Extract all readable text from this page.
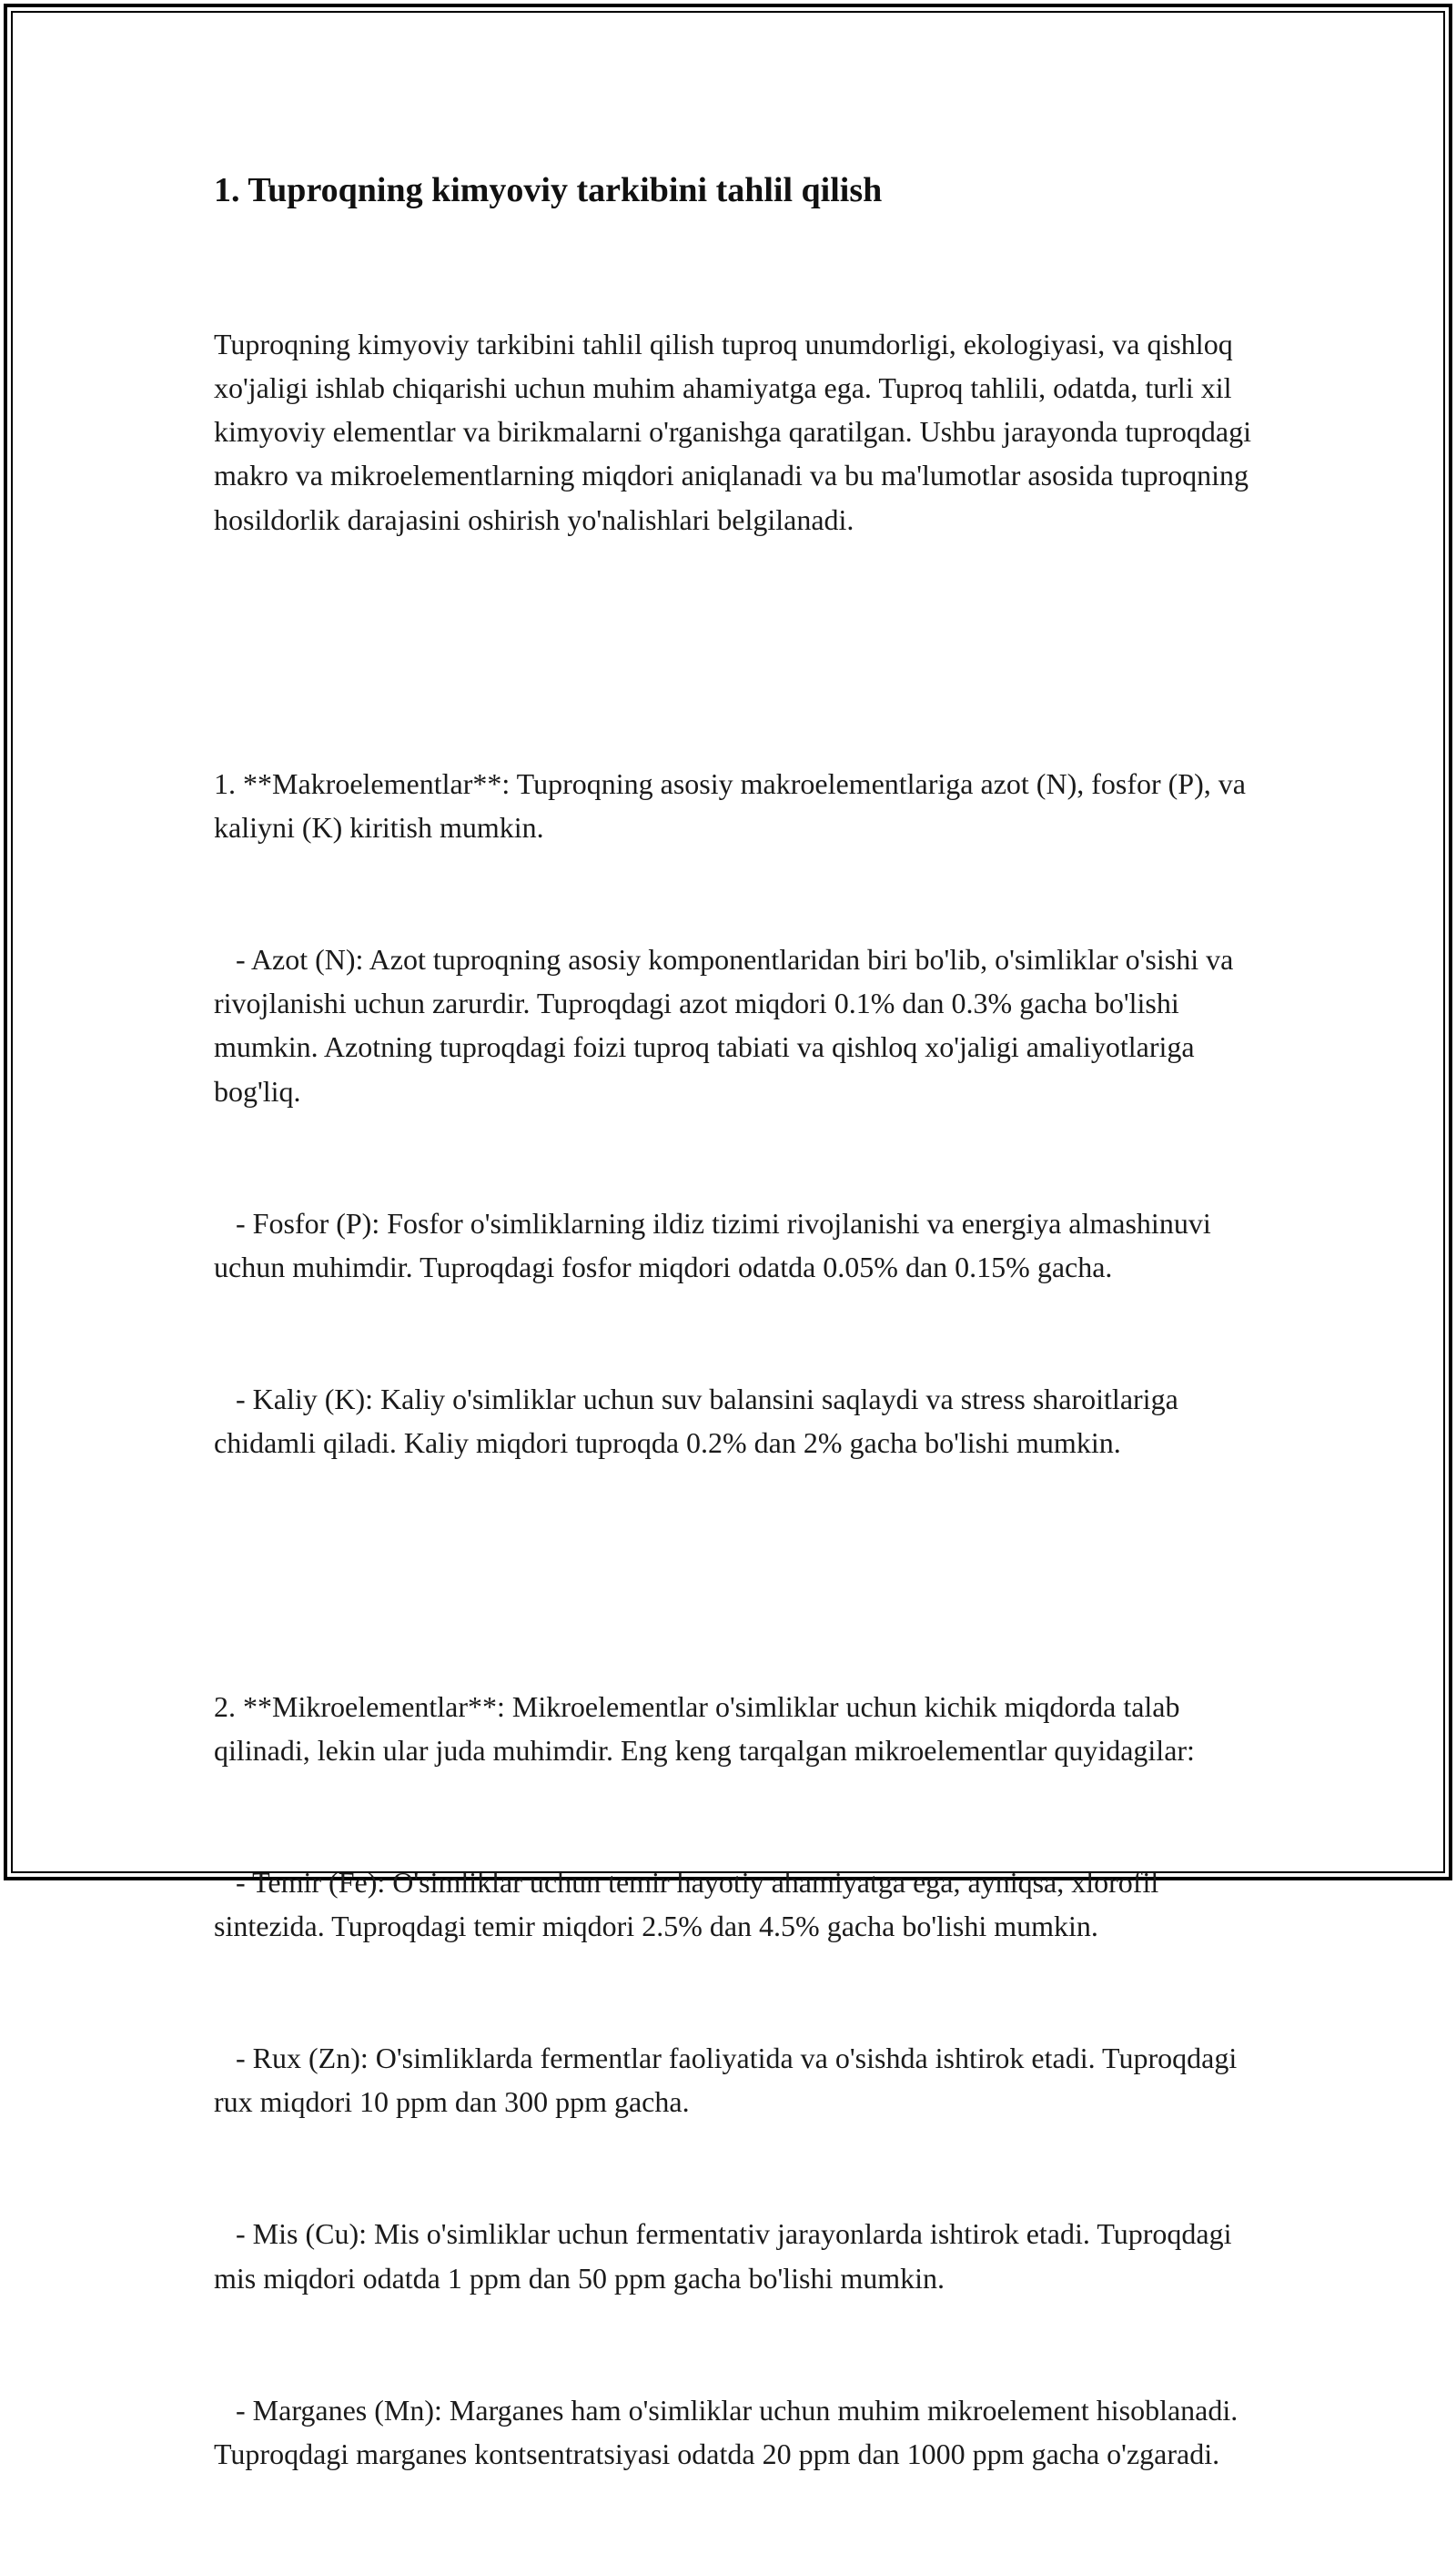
1. Tuproqning kimyoviy tarkibini tahlil qilish

Tuproqning kimyoviy tarkibini tahlil qilish tuproq unumdorligi, ekologiyasi, va qishloq xo'jaligi ishlab chiqarishi uchun muhim ahamiyatga ega. Tuproq tahlili, odatda, turli xil kimyoviy elementlar va birikmalarni o'rganishga qaratilgan. Ushbu jarayonda tuproqdagi makro va mikroelementlarning miqdori aniqlanadi va bu ma'lumotlar asosida tuproqning hosildorlik darajasini oshirish yo'nalishlari belgilanadi.

1. **Makroelementlar**: Tuproqning asosiy makroelementlariga azot (N), fosfor (P), va kaliyni (K) kiritish mumkin.

- Azot (N): Azot tuproqning asosiy komponentlaridan biri bo'lib, o'simliklar o'sishi va rivojlanishi uchun zarurdir. Tuproqdagi azot miqdori 0.1% dan 0.3% gacha bo'lishi mumkin. Azotning tuproqdagi foizi tuproq tabiati va qishloq xo'jaligi amaliyotlariga bog'liq.

- Fosfor (P): Fosfor o'simliklarning ildiz tizimi rivojlanishi va energiya almashinuvi uchun muhimdir. Tuproqdagi fosfor miqdori odatda 0.05% dan 0.15% gacha.

- Kaliy (K): Kaliy o'simliklar uchun suv balansini saqlaydi va stress sharoitlariga chidamli qiladi. Kaliy miqdori tuproqda 0.2% dan 2% gacha bo'lishi mumkin.

2. **Mikroelementlar**: Mikroelementlar o'simliklar uchun kichik miqdorda talab qilinadi, lekin ular juda muhimdir. Eng keng tarqalgan mikroelementlar quyidagilar:

- Temir (Fe): O'simliklar uchun temir hayotiy ahamiyatga ega, ayniqsa, xlorofil sintezida. Tuproqdagi temir miqdori 2.5% dan 4.5% gacha bo'lishi mumkin.

- Rux (Zn): O'simliklarda fermentlar faoliyatida va o'sishda ishtirok etadi. Tuproqdagi rux miqdori 10 ppm dan 300 ppm gacha.

- Mis (Cu): Mis o'simliklar uchun fermentativ jarayonlarda ishtirok etadi. Tuproqdagi mis miqdori odatda 1 ppm dan 50 ppm gacha bo'lishi mumkin.

- Marganes (Mn): Marganes ham o'simliklar uchun muhim mikroelement hisoblanadi. Tuproqdagi marganes kontsentratsiyasi odatda 20 ppm dan 1000 ppm gacha o'zgaradi.
